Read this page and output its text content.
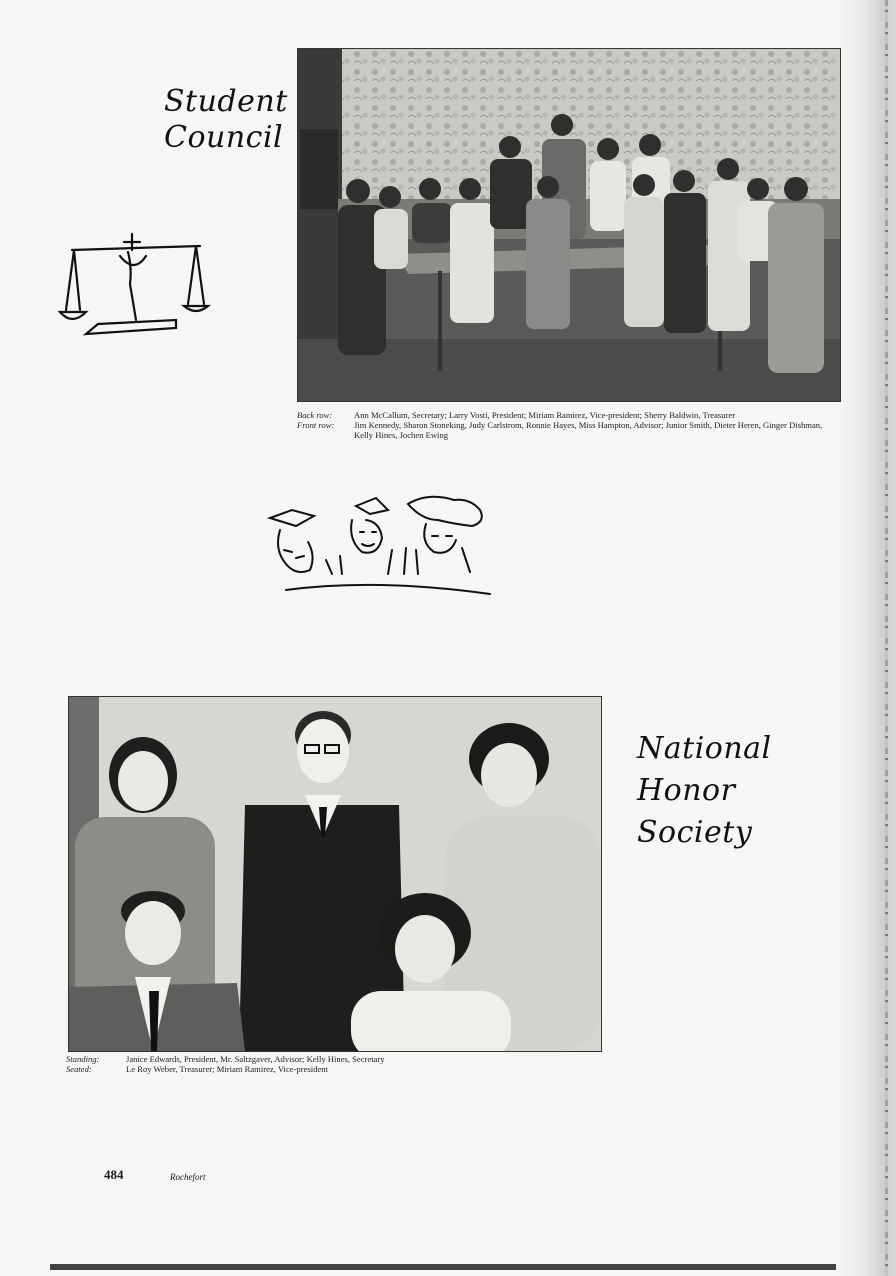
Student
Council
Back row:	Ann McCallum, Secretary; Larry Vosti, President; Miriam Ramirez, Vice-president; Sherry Baldwin, Treasurer
Front row:	Jim Kennedy, Sharon Stoneking, Judy Carlstrom, Ronnie Hayes, Miss Hampton, Advisor; Junior Smith, Dieter Heren, Ginger Dishman, Kelly Hines, Jochen Ewing
National
Honor
Society
Standing:	Janice Edwards, President, Mr. Saltzgaver, Advisor; Kelly Hines, Secretary
Seated:	Le Roy Weber, Treasurer; Miriam Ramirez, Vice-president
484	Rochefort
